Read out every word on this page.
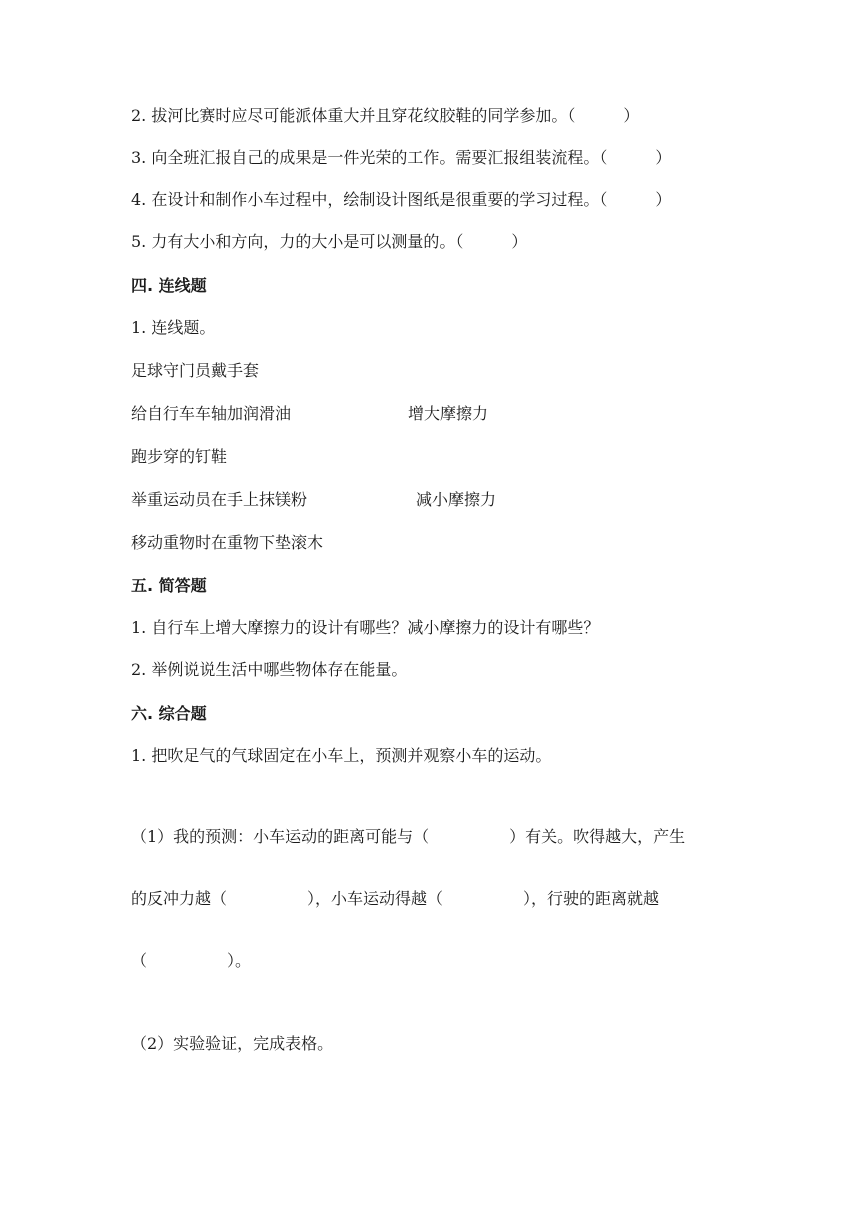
2. 拔河比赛时应尽可能派体重大并且穿花纹胶鞋的同学参加。（　　　）
3. 向全班汇报自己的成果是一件光荣的工作。需要汇报组装流程。（　　　）
4. 在设计和制作小车过程中，绘制设计图纸是很重要的学习过程。（　　　）
5. 力有大小和方向，力的大小是可以测量的。（　　　）
四. 连线题
1. 连线题。
足球守门员戴手套
给自行车车轴加润滑油	增大摩擦力
跑步穿的钉鞋
举重运动员在手上抹镁粉	减小摩擦力
移动重物时在重物下垫滚木
五. 简答题
1. 自行车上增大摩擦力的设计有哪些？减小摩擦力的设计有哪些？
2. 举例说说生活中哪些物体存在能量。
六. 综合题
1. 把吹足气的气球固定在小车上，预测并观察小车的运动。
（1）我的预测：小车运动的距离可能与（　　　　　）有关。吹得越大，产生
的反冲力越（　　　　　），小车运动得越（　　　　　），行驶的距离就越
（　　　　　）。
（2）实验验证，完成表格。
